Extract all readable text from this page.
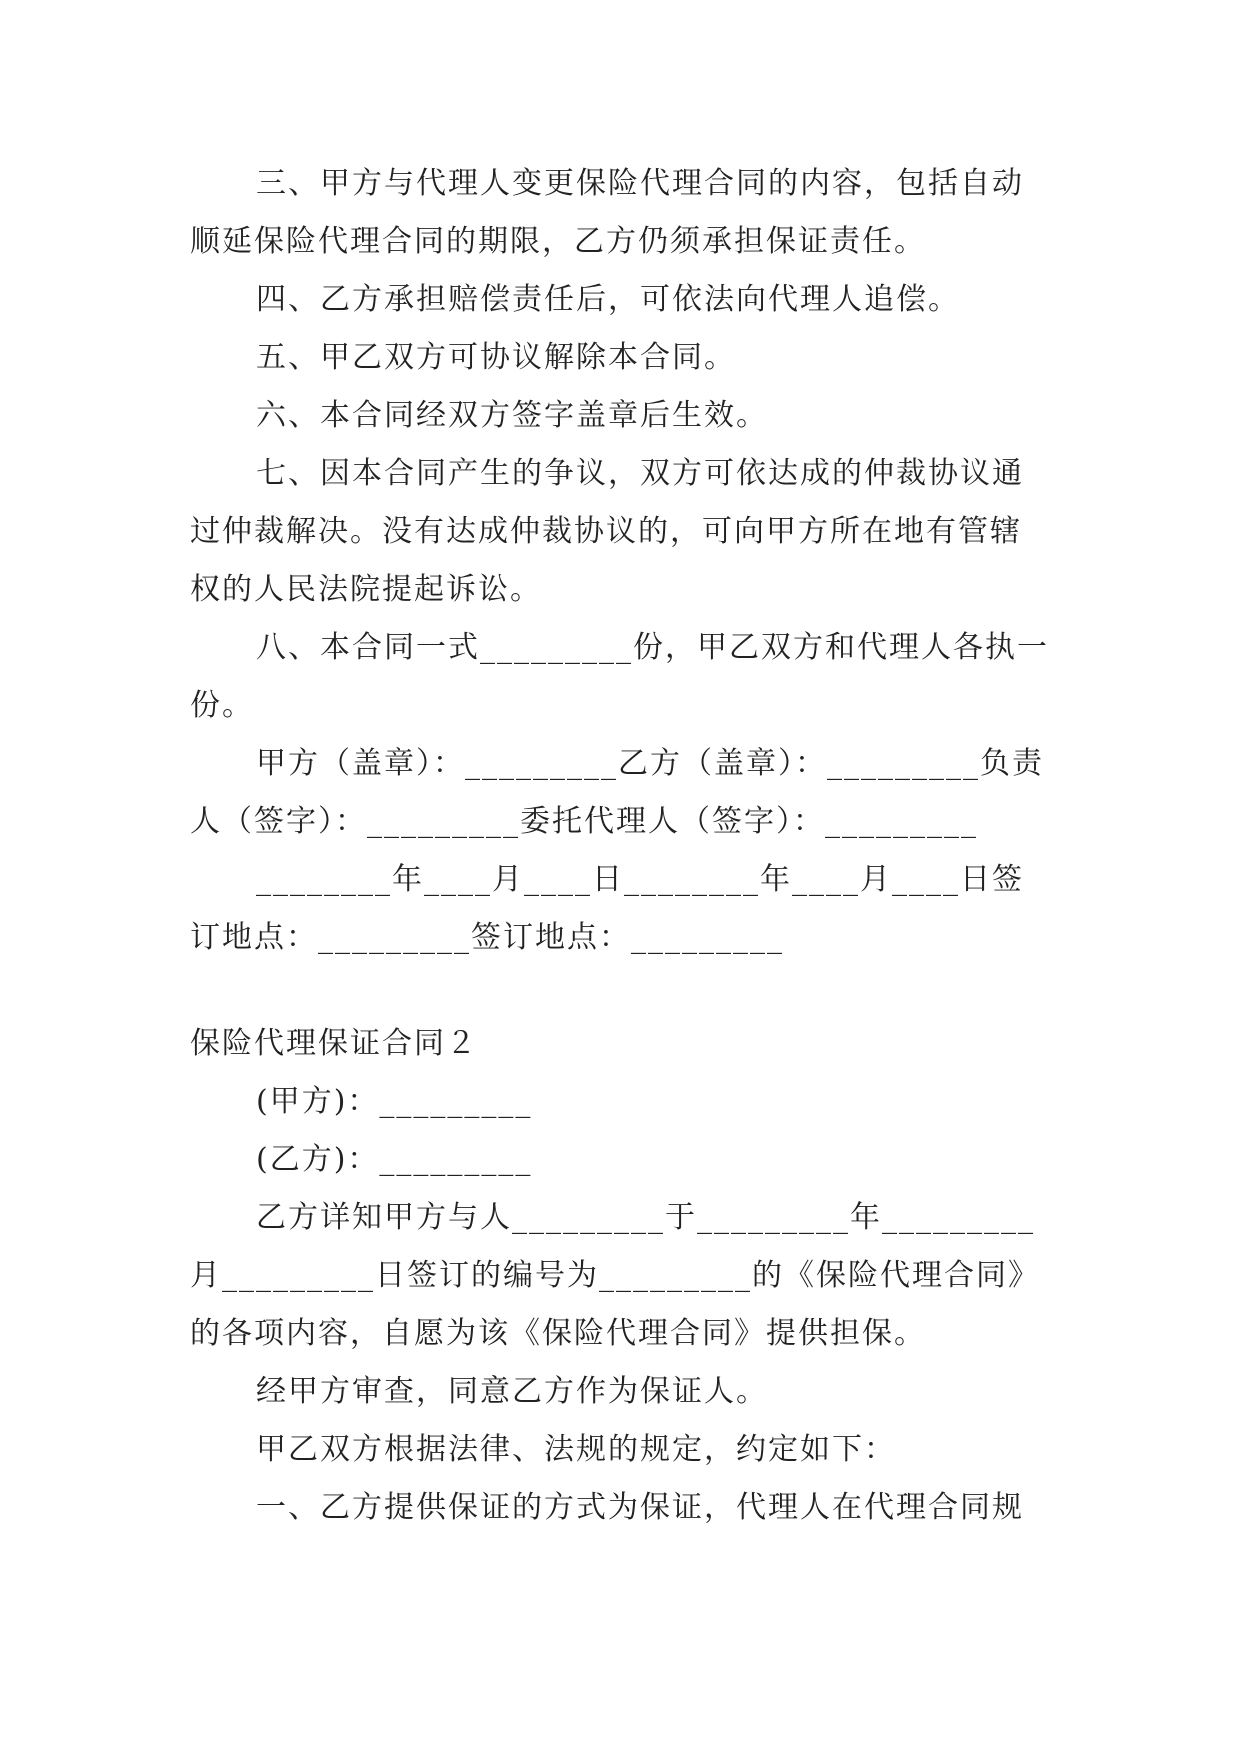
三、甲方与代理人变更保险代理合同的内容，包括自动顺延保险代理合同的期限，乙方仍须承担保证责任。

四、乙方承担赔偿责任后，可依法向代理人追偿。

五、甲乙双方可协议解除本合同。

六、本合同经双方签字盖章后生效。

七、因本合同产生的争议，双方可依达成的仲裁协议通过仲裁解决。没有达成仲裁协议的，可向甲方所在地有管辖权的人民法院提起诉讼。

八、本合同一式_________份，甲乙双方和代理人各执一份。

甲方（盖章）：_________乙方（盖章）：_________负责人（签字）：_________委托代理人（签字）：_________

________年____月____日________年____月____日签订地点：_________签订地点：_________

保险代理保证合同２

(甲方)：_________

(乙方)：_________

乙方详知甲方与人_________于_________年_________月_________日签订的编号为_________的《保险代理合同》的各项内容，自愿为该《保险代理合同》提供担保。

经甲方审查，同意乙方作为保证人。

甲乙双方根据法律、法规的规定，约定如下：

一、乙方提供保证的方式为保证，代理人在代理合同规
